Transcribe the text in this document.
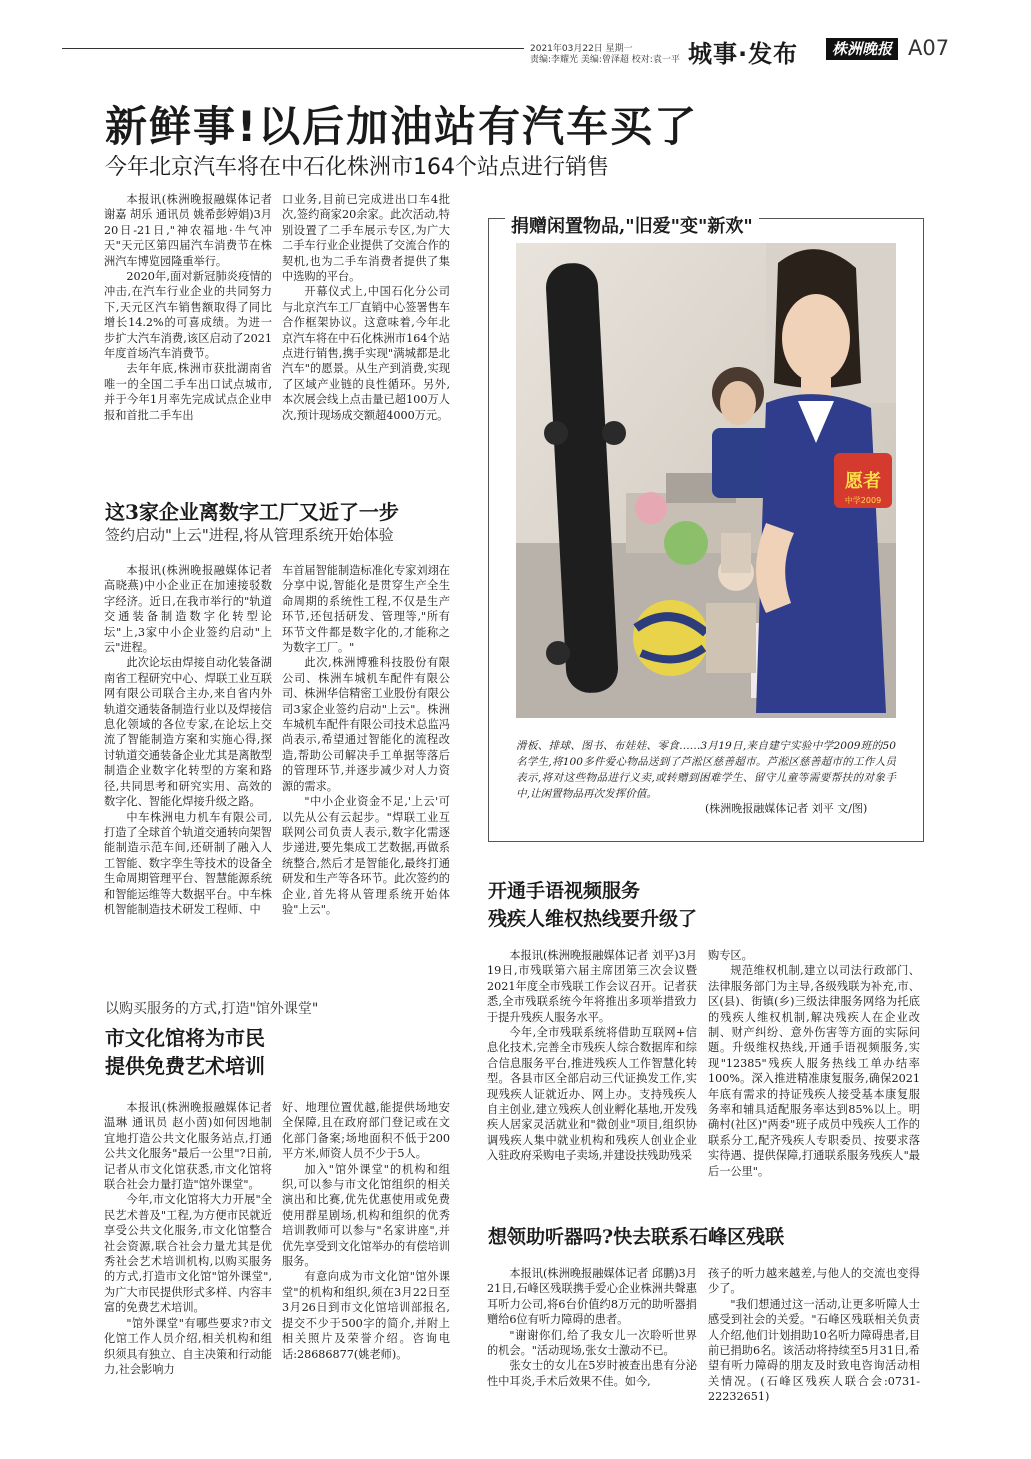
2021年03月22日 星期一
责编:李耀光 美编:曾泽超 校对:袁一平 城事·发布	株洲晚报 A07
新鲜事!以后加油站有汽车买了
今年北京汽车将在中石化株洲市164个站点进行销售

本报讯(株洲晚报融媒体记者 谢嘉 胡乐 通讯员 姚希彭婷娟)3月20日-21日,"神农福地·牛气冲天"天元区第四届汽车消费节在株洲汽车博览园隆重举行。

2020年,面对新冠肺炎疫情的冲击,在汽车行业企业的共同努力下,天元区汽车销售额取得了同比增长14.2%的可喜成绩。为进一步扩大汽车消费,该区启动了2021年度首场汽车消费节。

去年年底,株洲市获批湖南省唯一的全国二手车出口试点城市,并于今年1月率先完成试点企业申报和首批二手车出

口业务,目前已完成进出口车4批次,签约商家20余家。此次活动,特别设置了二手车展示专区,为广大二手车行业企业提供了交流合作的契机,也为二手车消费者提供了集中选购的平台。

开幕仪式上,中国石化分公司与北京汽车工厂直销中心签署售车合作框架协议。这意味着,今年北京汽车将在中石化株洲市164个站点进行销售,携手实现"满城都是北汽车"的愿景。从生产到消费,实现了区域产业链的良性循环。另外,本次展会线上点击量已超100万人次,预计现场成交额超4000万元。

这3家企业离数字工厂又近了一步
签约启动"上云"进程,将从管理系统开始体验

本报讯(株洲晚报融媒体记者 高晓燕)中小企业正在加速接驳数字经济。近日,在我市举行的"轨道交通装备制造数字化转型论坛"上,3家中小企业签约启动"上云"进程。

此次论坛由焊接自动化装备湖南省工程研究中心、焊联工业互联网有限公司联合主办,来自省内外轨道交通装备制造行业以及焊接信息化领域的各位专家,在论坛上交流了智能制造方案和实施心得,探讨轨道交通装备企业尤其是离散型制造企业数字化转型的方案和路径,共同思考和研究实用、高效的数字化、智能化焊接升级之路。

中车株洲电力机车有限公司,打造了全球首个轨道交通转向架智能制造示范车间,还研制了融入人工智能、数字孪生等技术的设备全生命周期管理平台、智慧能源系统和智能运维等大数据平台。中车株机智能制造技术研发工程师、中

车首届智能制造标准化专家刘翊在分享中说,智能化是贯穿生产全生命周期的系统性工程,不仅是生产环节,还包括研发、管理等,"所有环节文件都是数字化的,才能称之为数字工厂。"

此次,株洲博雅科技股份有限公司、株洲车城机车配件有限公司、株洲华信精密工业股份有限公司3家企业签约启动"上云"。株洲车城机车配件有限公司技术总监冯尚表示,希望通过智能化的流程改造,帮助公司解决手工单据等落后的管理环节,并逐步减少对人力资源的需求。

"中小企业资金不足,'上云'可以先从公有云起步。"焊联工业互联网公司负责人表示,数字化需逐步递进,要先集成工艺数据,再做系统整合,然后才是智能化,最终打通研发和生产等各环节。此次签约的企业,首先将从管理系统开始体验"上云"。

以购买服务的方式,打造"馆外课堂"
市文化馆将为市民
提供免费艺术培训

本报讯(株洲晚报融媒体记者 温琳 通讯员 赵小茵)如何因地制宜地打造公共文化服务站点,打通公共文化服务"最后一公里"?日前,记者从市文化馆获悉,市文化馆将联合社会力量打造"馆外课堂"。

今年,市文化馆将大力开展"全民艺术普及"工程,为方便市民就近享受公共文化服务,市文化馆整合社会资源,联合社会力量尤其是优秀社会艺术培训机构,以购买服务的方式,打造市文化馆"馆外课堂",为广大市民提供形式多样、内容丰富的免费艺术培训。

"馆外课堂"有哪些要求?市文化馆工作人员介绍,相关机构和组织须具有独立、自主决策和行动能力,社会影响力

好、地理位置优越,能提供场地安全保障,且在政府部门登记或在文化部门备案;场地面积不低于200平方米,师资人员不少于5人。

加入"馆外课堂"的机构和组织,可以参与市文化馆组织的相关演出和比赛,优先优惠使用或免费使用群星剧场,机构和组织的优秀培训教师可以参与"名家讲座",并优先享受到文化馆举办的有偿培训服务。

有意向成为市文化馆"馆外课堂"的机构和组织,须在3月22日至3月26日到市文化馆培训部报名,提交不少于500字的简介,并附上相关照片及荣誉介绍。咨询电话:28686877(姚老师)。

捐赠闲置物品,"旧爱"变"新欢"
愿者
中学2009
滑板、排球、图书、布娃娃、零食……3月19日,来自建宁实验中学2009班的50名学生,将100多件爱心物品送到了芦淞区慈善超市。芦淞区慈善超市的工作人员表示,将对这些物品进行义卖,或转赠到困难学生、留守儿童等需要帮扶的对象手中,让闲置物品再次发挥价值。
(株洲晚报融媒体记者 刘平 文/图)
开通手语视频服务
残疾人维权热线要升级了

本报讯(株洲晚报融媒体记者 刘平)3月19日,市残联第六届主席团第三次会议暨2021年度全市残联工作会议召开。记者获悉,全市残联系统今年将推出多项举措致力于提升残疾人服务水平。

今年,全市残联系统将借助互联网+信息化技术,完善全市残疾人综合数据库和综合信息服务平台,推进残疾人工作智慧化转型。各县市区全部启动三代证换发工作,实现残疾人证就近办、网上办。支持残疾人自主创业,建立残疾人创业孵化基地,开发残疾人居家灵活就业和"微创业"项目,组织协调残疾人集中就业机构和残疾人创业企业入驻政府采购电子卖场,并建设扶残助残采

购专区。

规范维权机制,建立以司法行政部门、法律服务部门为主导,各级残联为补充,市、区(县)、街镇(乡)三级法律服务网络为托底的残疾人维权机制,解决残疾人在企业改制、财产纠纷、意外伤害等方面的实际问题。升级维权热线,开通手语视频服务,实现"12385"残疾人服务热线工单办结率100%。深入推进精准康复服务,确保2021年底有需求的持证残疾人接受基本康复服务率和辅具适配服务率达到85%以上。明确村(社区)"两委"班子成员中残疾人工作的联系分工,配齐残疾人专职委员、按要求落实待遇、提供保障,打通联系服务残疾人"最后一公里"。

想领助听器吗?快去联系石峰区残联

本报讯(株洲晚报融媒体记者 邱鹏)3月21日,石峰区残联携手爱心企业株洲共聲惠耳听力公司,将6台价值约8万元的助听器捐赠给6位有听力障碍的患者。

"谢谢你们,给了我女儿一次聆听世界的机会。"活动现场,张女士激动不已。

张女士的女儿在5岁时被查出患有分泌性中耳炎,手术后效果不佳。如今,

孩子的听力越来越差,与他人的交流也变得少了。

"我们想通过这一活动,让更多听障人士感受到社会的关爱。"石峰区残联相关负责人介绍,他们计划捐助10名听力障碍患者,目前已捐助6名。该活动将持续至5月31日,希望有听力障碍的朋友及时致电咨询活动相关情况。(石峰区残疾人联合会:0731-22232651)
